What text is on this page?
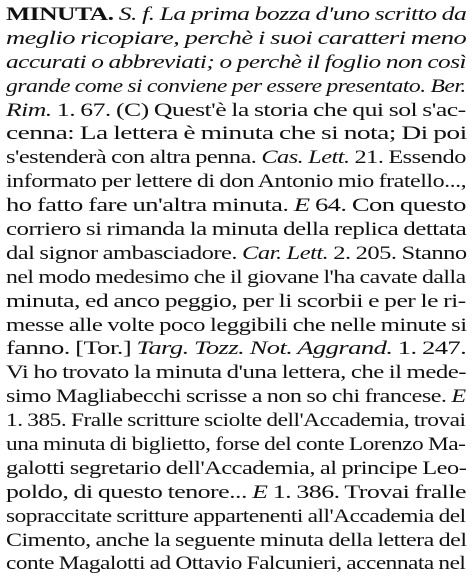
MINUTA. S. f. La prima bozza d'uno scritto da
meglio ricopiare, perchè i suoi caratteri meno
accurati o abbreviati; o perchè il foglio non così
grande come si conviene per essere presentato. Ber.
Rim. 1. 67. (C) Quest'è la storia che qui sol s'ac-
cenna: La lettera è minuta che si nota; Di poi
s'estenderà con altra penna. Cas. Lett. 21. Essendo
informato per lettere di don Antonio mio fratello...,
ho fatto fare un'altra minuta. E 64. Con questo
corriero si rimanda la minuta della replica dettata
dal signor ambasciadore. Car. Lett. 2. 205. Stanno
nel modo medesimo che il giovane l'ha cavate dalla
minuta, ed anco peggio, per li scorbii e per le ri-
messe alle volte poco leggibili che nelle minute si
fanno. [Tor.] Targ. Tozz. Not. Aggrand. 1. 247.
Vi ho trovato la minuta d'una lettera, che il mede-
simo Magliabecchi scrisse a non so chi francese. E
1. 385. Fralle scritture sciolte dell'Accademia, trovai
una minuta di biglietto, forse del conte Lorenzo Ma-
galotti segretario dell'Accademia, al principe Leo-
poldo, di questo tenore... E 1. 386. Trovai fralle
sopraccitate scritture appartenenti all'Accademia del
Cimento, anche la seguente minuta della lettera del
conte Magalotti ad Ottavio Falcunieri, accennata nel
